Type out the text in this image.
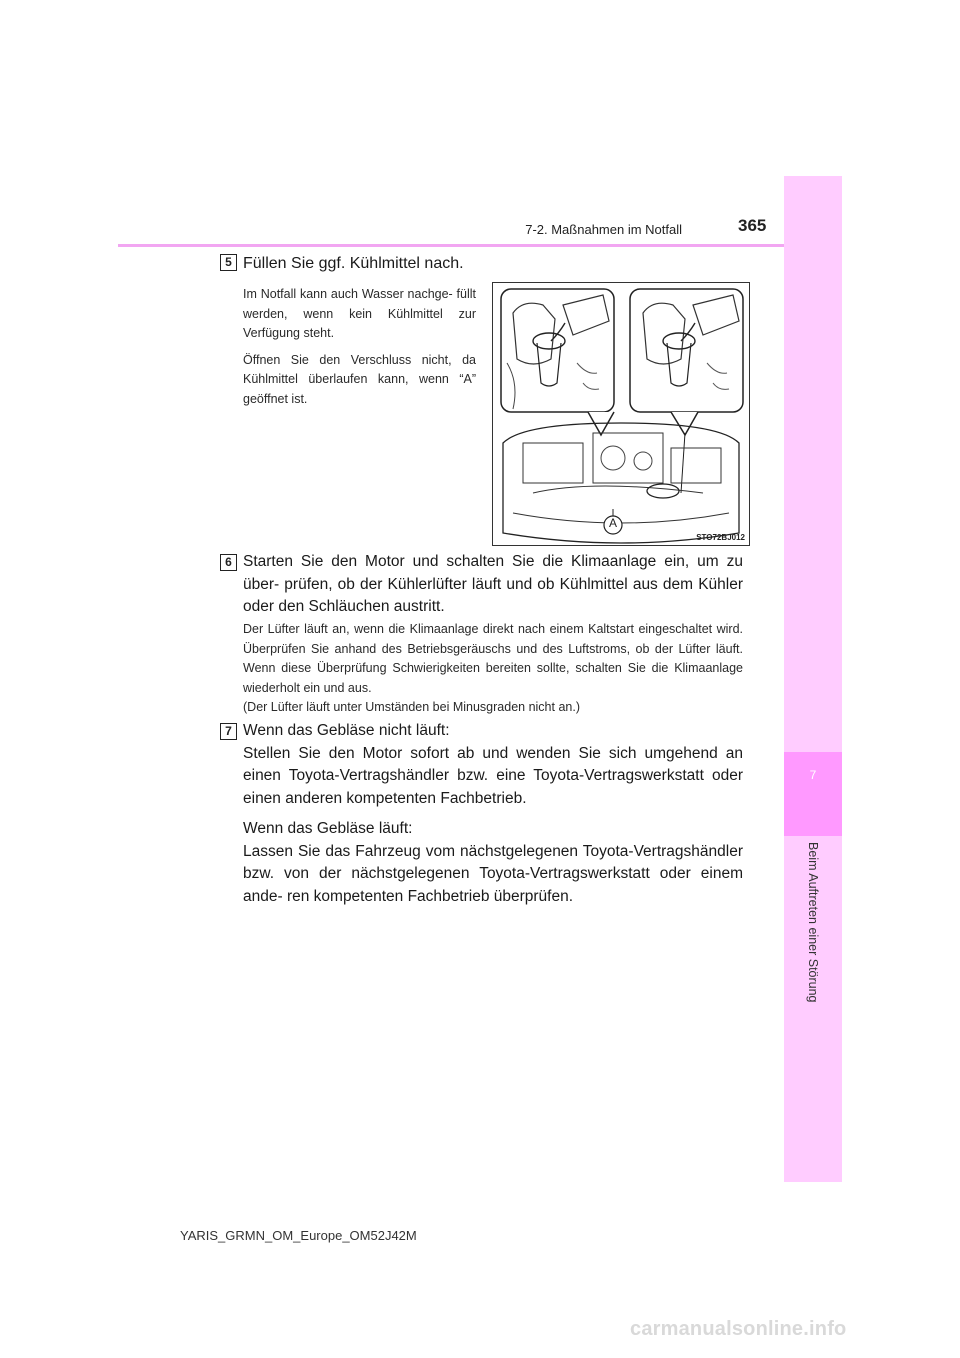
7-2. Maßnahmen im Notfall	365
7
Beim Auftreten einer Störung
5 Füllen Sie ggf. Kühlmittel nach.

Im Notfall kann auch Wasser nachge- füllt werden, wenn kein Kühlmittel zur Verfügung steht.

Öffnen Sie den Verschluss nicht, da Kühlmittel überlaufen kann, wenn “A” geöffnet ist.

A
STO72BJ012
6 Starten Sie den Motor und schalten Sie die Klimaanlage ein, um zu über- prüfen, ob der Kühlerlüfter läuft und ob Kühlmittel aus dem Kühler oder den Schläuchen austritt.

Der Lüfter läuft an, wenn die Klimaanlage direkt nach einem Kaltstart eingeschaltet wird. Überprüfen Sie anhand des Betriebsgeräuschs und des Luftstroms, ob der Lüfter läuft. Wenn diese Überprüfung Schwierigkeiten bereiten sollte, schalten Sie die Klimaanlage wiederholt ein und aus.

(Der Lüfter läuft unter Umständen bei Minusgraden nicht an.)

7 Wenn das Gebläse nicht läuft:

Stellen Sie den Motor sofort ab und wenden Sie sich umgehend an einen Toyota-Vertragshändler bzw. eine Toyota-Vertragswerkstatt oder einen anderen kompetenten Fachbetrieb.

Wenn das Gebläse läuft:

Lassen Sie das Fahrzeug vom nächstgelegenen Toyota-Vertragshändler bzw. von der nächstgelegenen Toyota-Vertragswerkstatt oder einem ande- ren kompetenten Fachbetrieb überprüfen.

YARIS_GRMN_OM_Europe_OM52J42M
carmanualsonline.info
